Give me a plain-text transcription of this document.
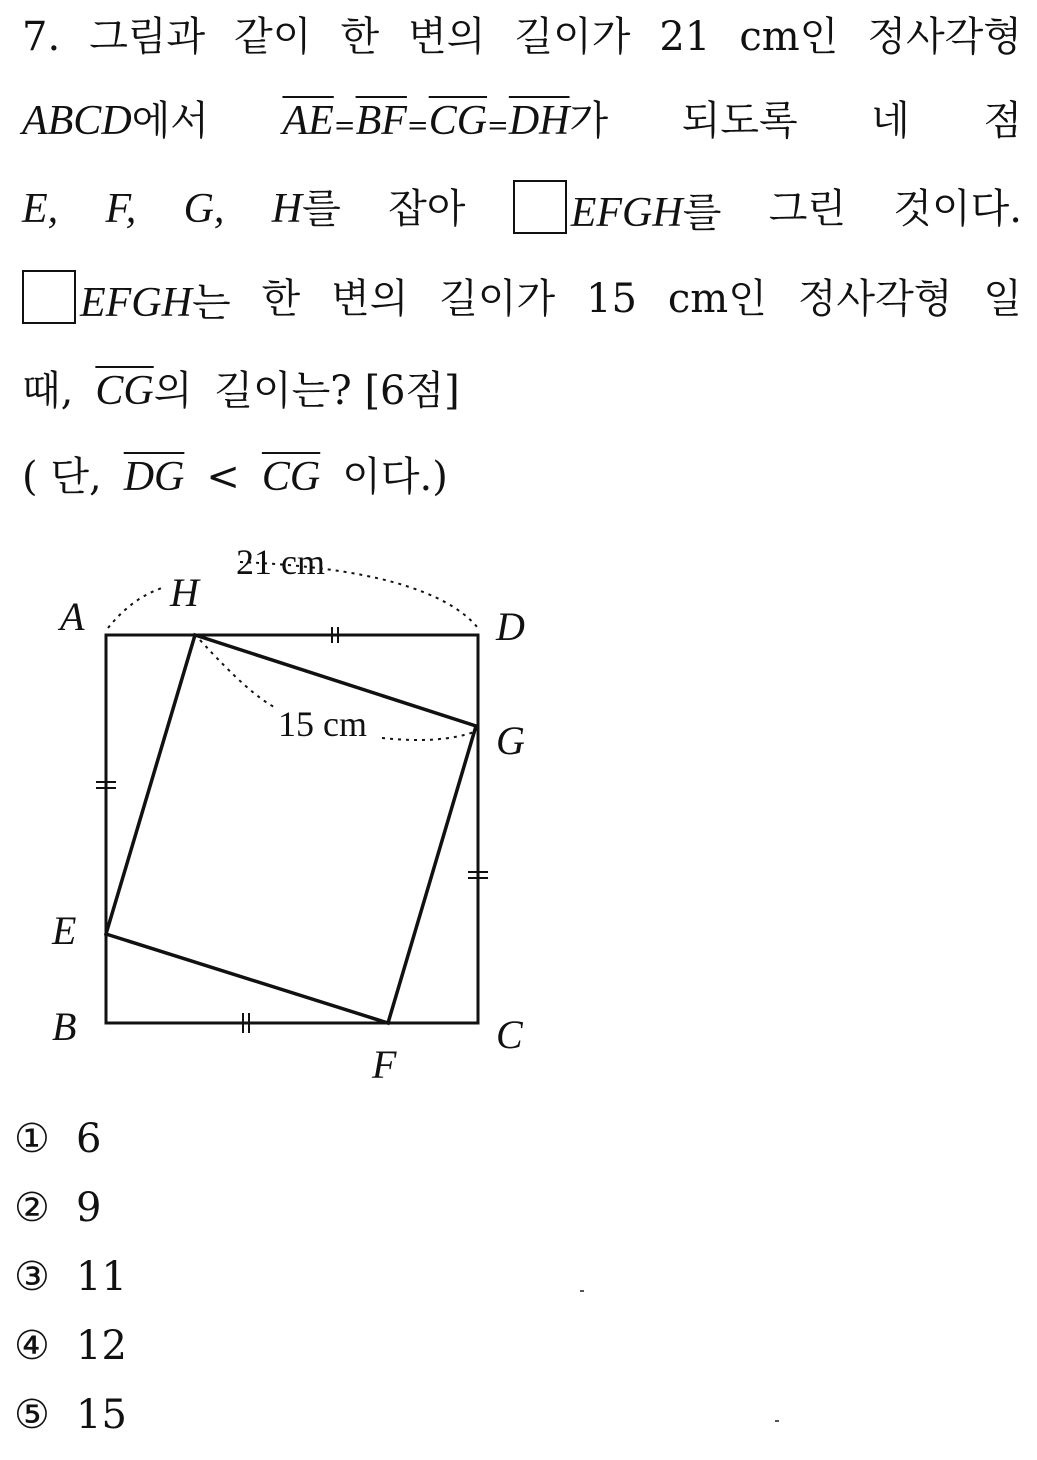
7. 그림과 같이 한 변의 길이가 21 cm인 정사각형
ABCD에서 $\overline{AE}=\overline{BF}=\overline{CG}=\overline{DH}$가 되도록 네 점
E, F, G, H를 잡아	EFGH를 그린 것이다.
EFGH는 한 변의 길이가 15 cm인 정사각형 일
때, $\overline{CG}$의 길이는? [6점]
( 단, $\overline{DG} < \overline{CG}$ 이다.)
A
H
D
G
E
B	C
F
21 cm
15 cm
① 6
② 9
③ 11
④ 12
⑤ 15
